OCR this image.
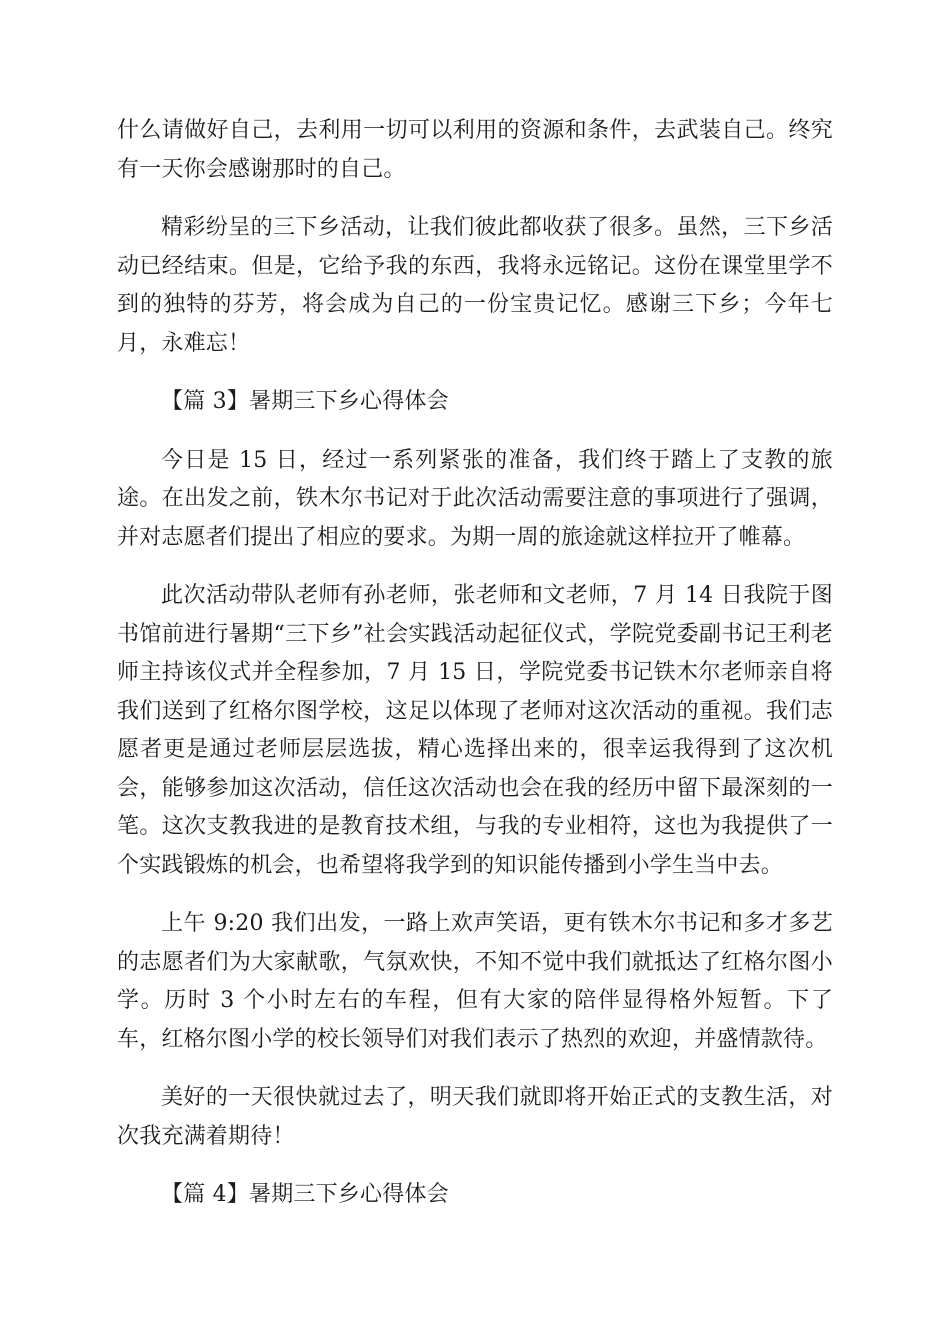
什么请做好自己，去利用一切可以利用的资源和条件，去武装自己。终究有一天你会感谢那时的自己。

精彩纷呈的三下乡活动，让我们彼此都收获了很多。虽然，三下乡活动已经结束。但是，它给予我的东西，我将永远铭记。这份在课堂里学不到的独特的芬芳，将会成为自己的一份宝贵记忆。感谢三下乡；今年七月，永难忘！

【篇 3】暑期三下乡心得体会

今日是 15 日，经过一系列紧张的准备，我们终于踏上了支教的旅途。在出发之前，铁木尔书记对于此次活动需要注意的事项进行了强调，并对志愿者们提出了相应的要求。为期一周的旅途就这样拉开了帷幕。

此次活动带队老师有孙老师，张老师和文老师，7 月 14 日我院于图书馆前进行暑期“三下乡”社会实践活动起征仪式，学院党委副书记王利老师主持该仪式并全程参加，7 月 15 日，学院党委书记铁木尔老师亲自将我们送到了红格尔图学校，这足以体现了老师对这次活动的重视。我们志愿者更是通过老师层层选拔，精心选择出来的，很幸运我得到了这次机会，能够参加这次活动，信任这次活动也会在我的经历中留下最深刻的一笔。这次支教我进的是教育技术组，与我的专业相符，这也为我提供了一个实践锻炼的机会，也希望将我学到的知识能传播到小学生当中去。

上午 9:20 我们出发，一路上欢声笑语，更有铁木尔书记和多才多艺的志愿者们为大家献歌，气氛欢快，不知不觉中我们就抵达了红格尔图小学。历时 3 个小时左右的车程，但有大家的陪伴显得格外短暂。下了车，红格尔图小学的校长领导们对我们表示了热烈的欢迎，并盛情款待。

美好的一天很快就过去了，明天我们就即将开始正式的支教生活，对次我充满着期待！

【篇 4】暑期三下乡心得体会
